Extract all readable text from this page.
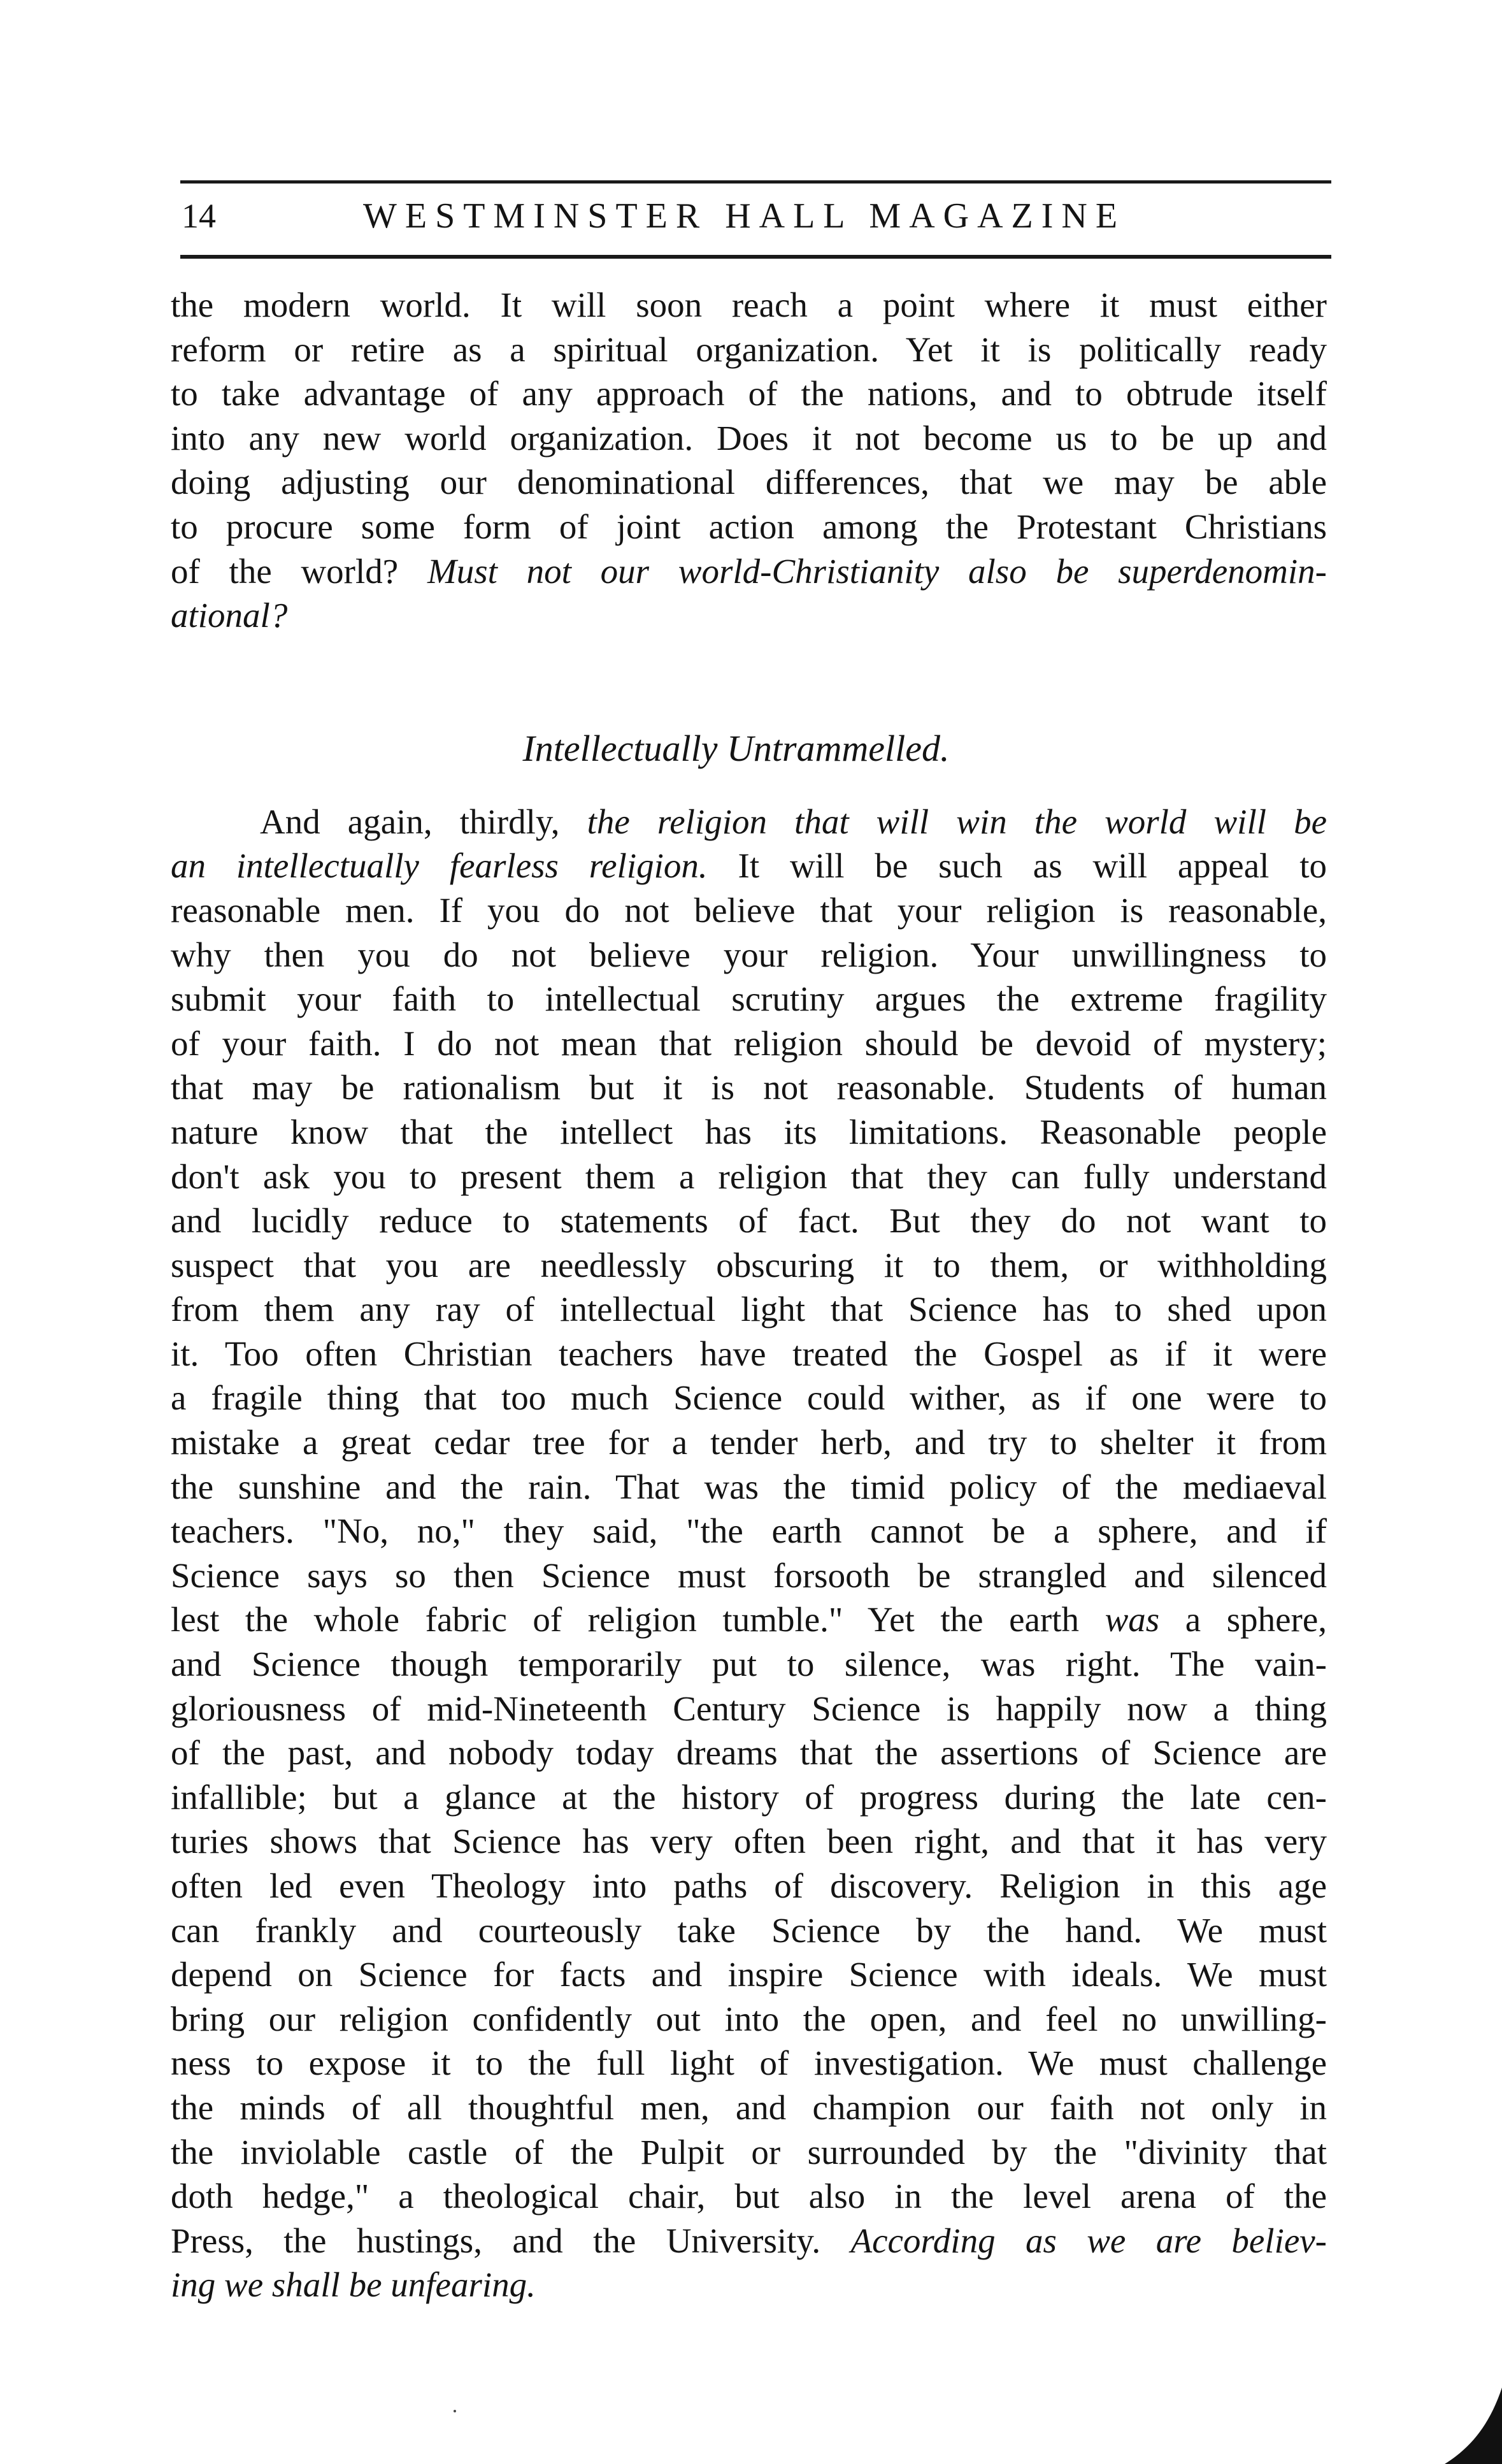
14	WESTMINSTER HALL MAGAZINE
the modern world. It will soon reach a point where it must either
reform or retire as a spiritual organization. Yet it is politically ready
to take advantage of any approach of the nations, and to obtrude itself
into any new world organization. Does it not become us to be up and
doing adjusting our denominational differences, that we may be able
to procure some form of joint action among the Protestant Christians
of the world? Must not our world-Christianity also be superdenomin-
ational?
Intellectually Untrammelled.
And again, thirdly, the religion that will win the world will be
an intellectually fearless religion. It will be such as will appeal to
reasonable men. If you do not believe that your religion is reasonable,
why then you do not believe your religion. Your unwillingness to
submit your faith to intellectual scrutiny argues the extreme fragility
of your faith. I do not mean that religion should be devoid of mystery;
that may be rationalism but it is not reasonable. Students of human
nature know that the intellect has its limitations. Reasonable people
don't ask you to present them a religion that they can fully understand
and lucidly reduce to statements of fact. But they do not want to
suspect that you are needlessly obscuring it to them, or withholding
from them any ray of intellectual light that Science has to shed upon
it. Too often Christian teachers have treated the Gospel as if it were
a fragile thing that too much Science could wither, as if one were to
mistake a great cedar tree for a tender herb, and try to shelter it from
the sunshine and the rain. That was the timid policy of the mediaeval
teachers. "No, no," they said, "the earth cannot be a sphere, and if
Science says so then Science must forsooth be strangled and silenced
lest the whole fabric of religion tumble." Yet the earth was a sphere,
and Science though temporarily put to silence, was right. The vain-
gloriousness of mid-Nineteenth Century Science is happily now a thing
of the past, and nobody today dreams that the assertions of Science are
infallible; but a glance at the history of progress during the late cen-
turies shows that Science has very often been right, and that it has very
often led even Theology into paths of discovery. Religion in this age
can frankly and courteously take Science by the hand. We must
depend on Science for facts and inspire Science with ideals. We must
bring our religion confidently out into the open, and feel no unwilling-
ness to expose it to the full light of investigation. We must challenge
the minds of all thoughtful men, and champion our faith not only in
the inviolable castle of the Pulpit or surrounded by the "divinity that
doth hedge," a theological chair, but also in the level arena of the
Press, the hustings, and the University. According as we are believ-
ing we shall be unfearing.
